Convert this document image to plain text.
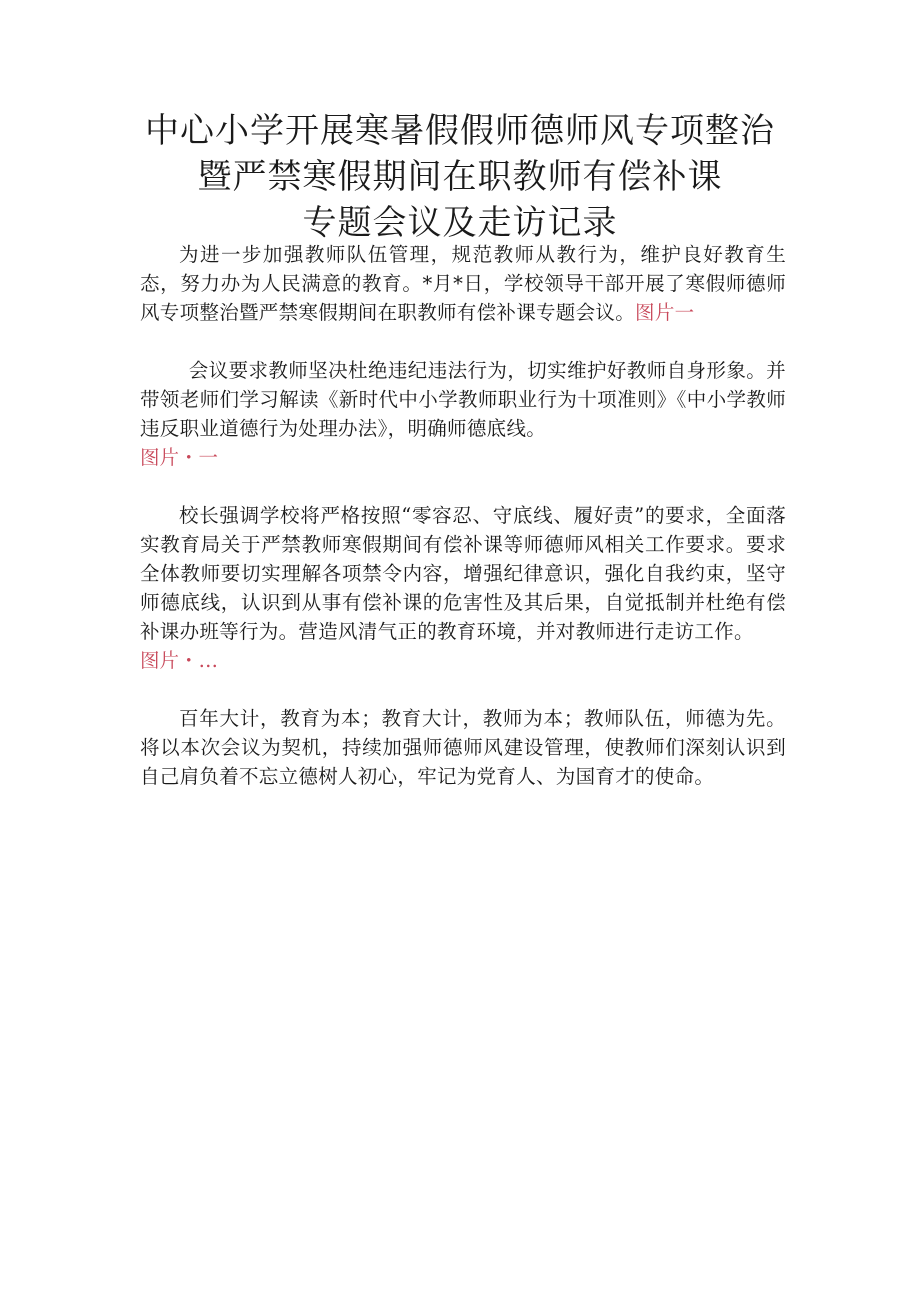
中心小学开展寒暑假假师德师风专项整治
暨严禁寒假期间在职教师有偿补课
专题会议及走访记录

为进一步加强教师队伍管理，规范教师从教行为，维护良好教育生态，努力办为人民满意的教育。*月*日，学校领导干部开展了寒假师德师风专项整治暨严禁寒假期间在职教师有偿补课专题会议。图片一

会议要求教师坚决杜绝违纪违法行为，切实维护好教师自身形象。并带领老师们学习解读《新时代中小学教师职业行为十项准则》《中小学教师违反职业道德行为处理办法》，明确师德底线。

图片・一

校长强调学校将严格按照“零容忍、守底线、履好责”的要求，全面落实教育局关于严禁教师寒假期间有偿补课等师德师风相关工作要求。要求全体教师要切实理解各项禁令内容，增强纪律意识，强化自我约束，坚守师德底线，认识到从事有偿补课的危害性及其后果，自觉抵制并杜绝有偿补课办班等行为。营造风清气正的教育环境，并对教师进行走访工作。

图片・…

百年大计，教育为本；教育大计，教师为本；教师队伍，师德为先。将以本次会议为契机，持续加强师德师风建设管理，使教师们深刻认识到自己肩负着不忘立德树人初心，牢记为党育人、为国育才的使命。
